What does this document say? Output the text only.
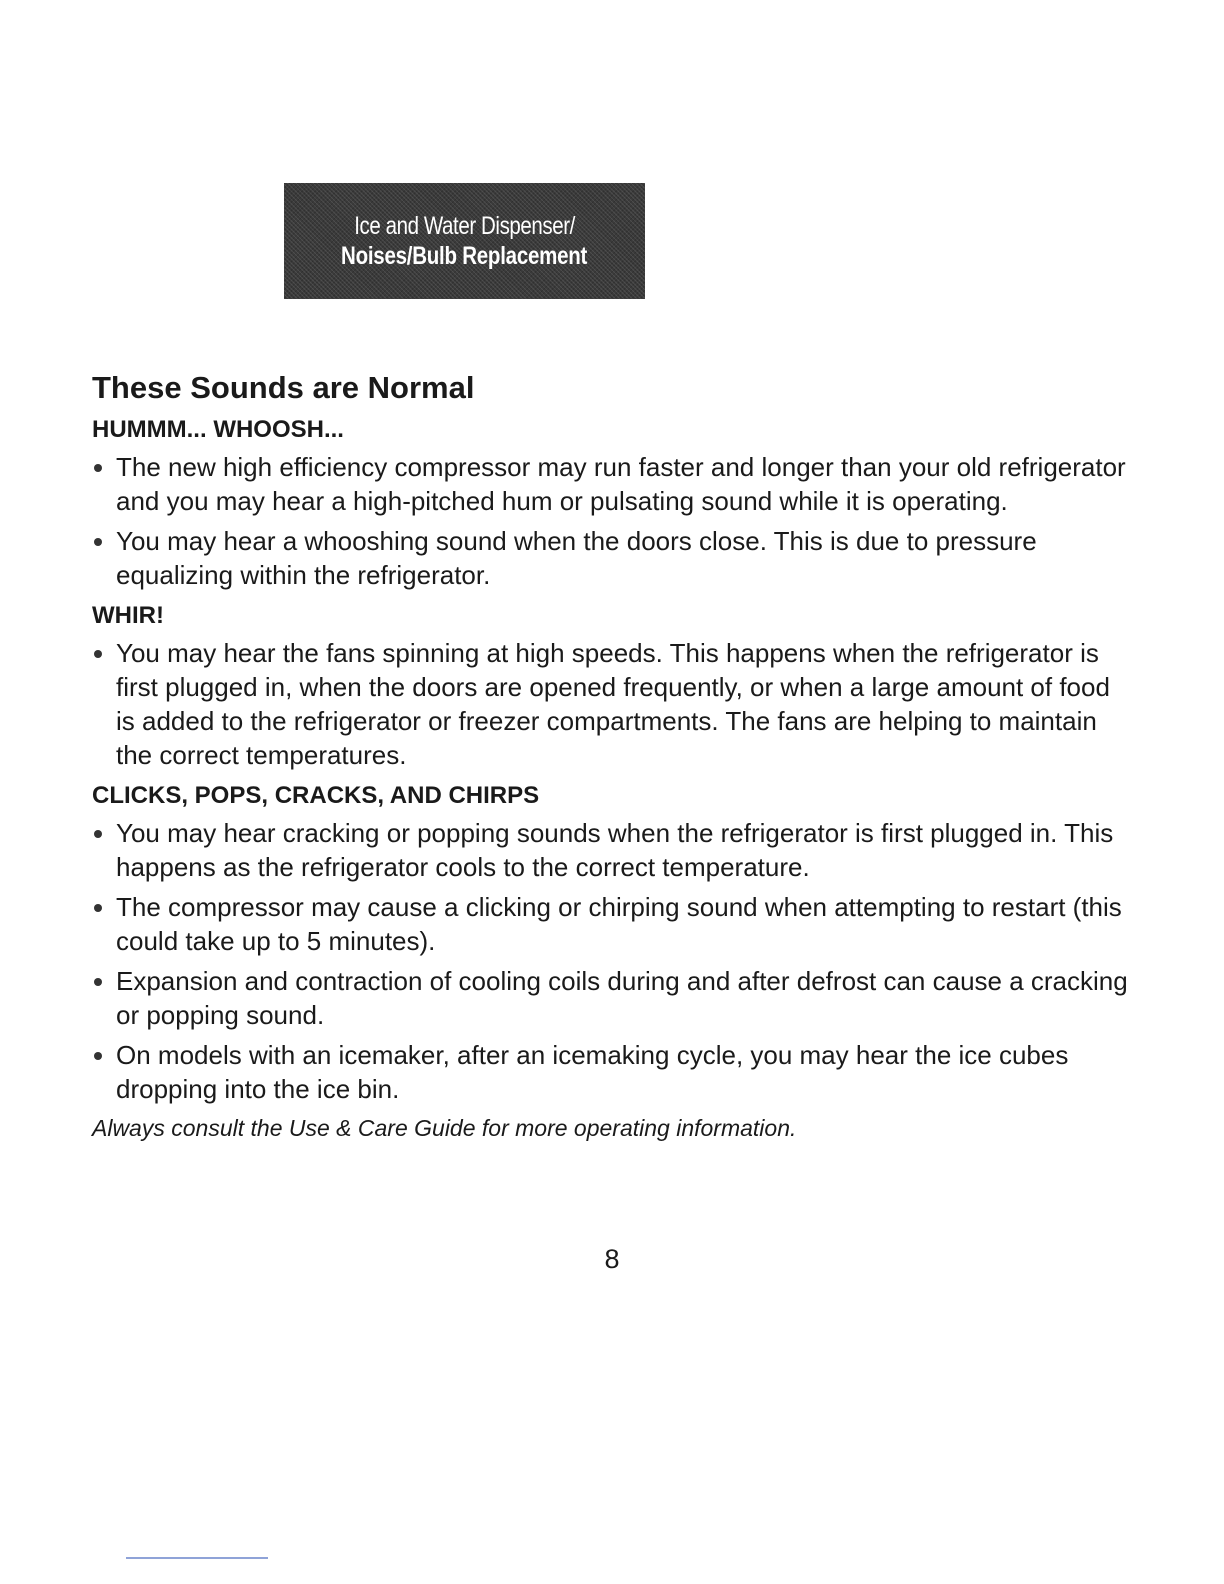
Ice and Water Dispenser/
Noises/Bulb Replacement
These Sounds are Normal
HUMMM... WHOOSH...
The new high efficiency compressor may run faster and longer than your old refrigerator and you may hear a high-pitched hum or pulsating sound while it is operating.
You may hear a whooshing sound when the doors close. This is due to pressure equalizing within the refrigerator.
WHIR!
You may hear the fans spinning at high speeds. This happens when the refrigerator is first plugged in, when the doors are opened frequently, or when a large amount of food is added to the refrigerator or freezer compartments. The fans are helping to maintain the correct temperatures.
CLICKS, POPS, CRACKS, AND CHIRPS
You may hear cracking or popping sounds when the refrigerator is first plugged in. This happens as the refrigerator cools to the correct temperature.
The compressor may cause a clicking or chirping sound when attempting to restart (this could take up to 5 minutes).
Expansion and contraction of cooling coils during and after defrost can cause a cracking or popping sound.
On models with an icemaker, after an icemaking cycle, you may hear the ice cubes dropping into the ice bin.
Always consult the Use & Care Guide for more operating information.
8
